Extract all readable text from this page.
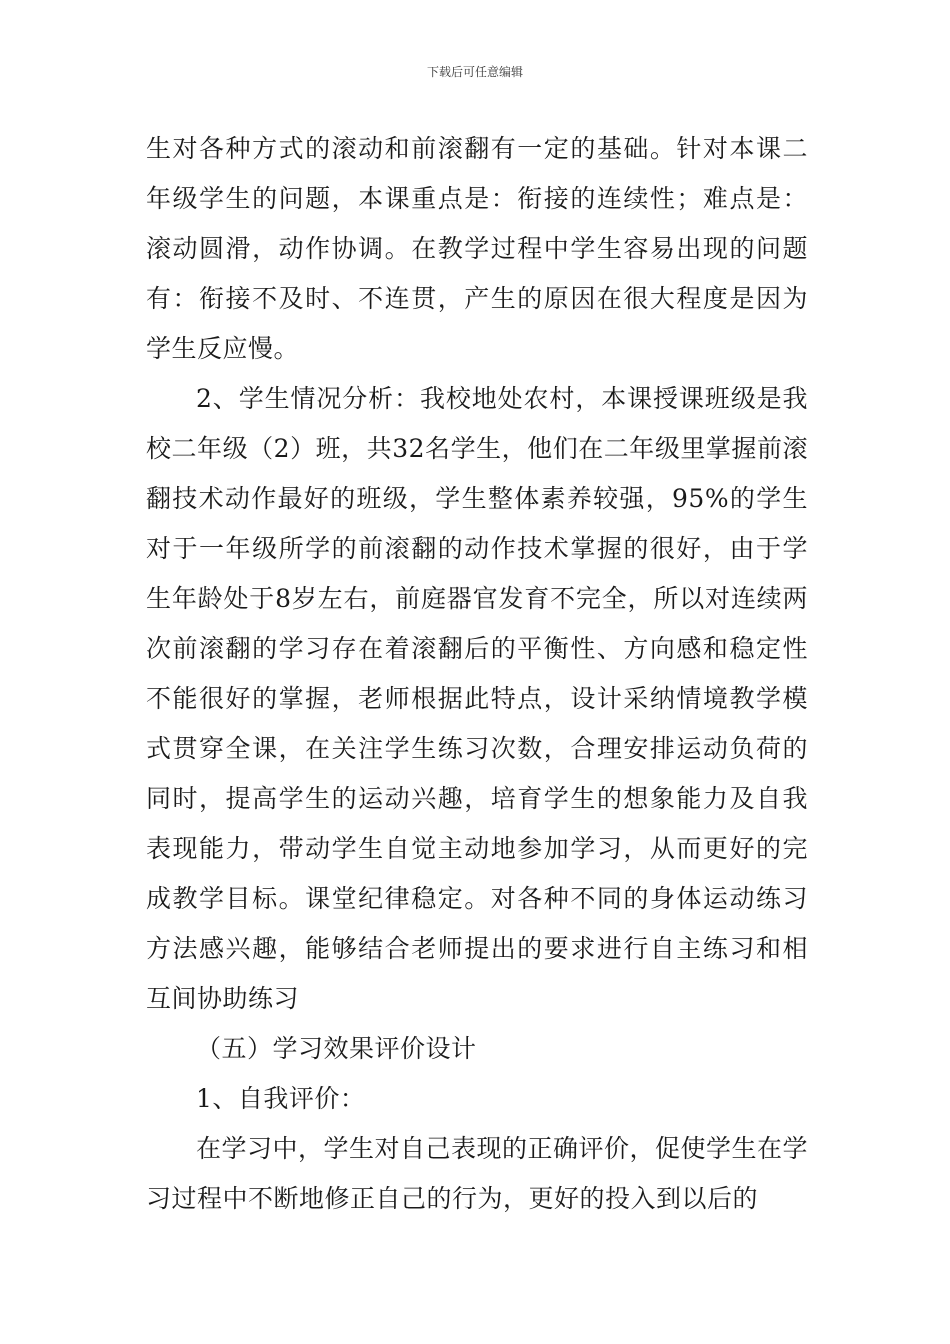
下载后可任意编辑

生对各种方式的滚动和前滚翻有一定的基础。针对本课二年级学生的问题，本课重点是：衔接的连续性；难点是：滚动圆滑，动作协调。在教学过程中学生容易出现的问题有：衔接不及时、不连贯，产生的原因在很大程度是因为学生反应慢。

2、学生情况分析：我校地处农村，本课授课班级是我校二年级（2）班，共32名学生，他们在二年级里掌握前滚翻技术动作最好的班级，学生整体素养较强，95%的学生对于一年级所学的前滚翻的动作技术掌握的很好，由于学生年龄处于8岁左右，前庭器官发育不完全，所以对连续两次前滚翻的学习存在着滚翻后的平衡性、方向感和稳定性不能很好的掌握，老师根据此特点，设计采纳情境教学模式贯穿全课，在关注学生练习次数，合理安排运动负荷的同时，提高学生的运动兴趣，培育学生的想象能力及自我表现能力，带动学生自觉主动地参加学习，从而更好的完成教学目标。课堂纪律稳定。对各种不同的身体运动练习方法感兴趣，能够结合老师提出的要求进行自主练习和相互间协助练习

（五）学习效果评价设计

1、自我评价：

在学习中，学生对自己表现的正确评价，促使学生在学习过程中不断地修正自己的行为，更好的投入到以后的
